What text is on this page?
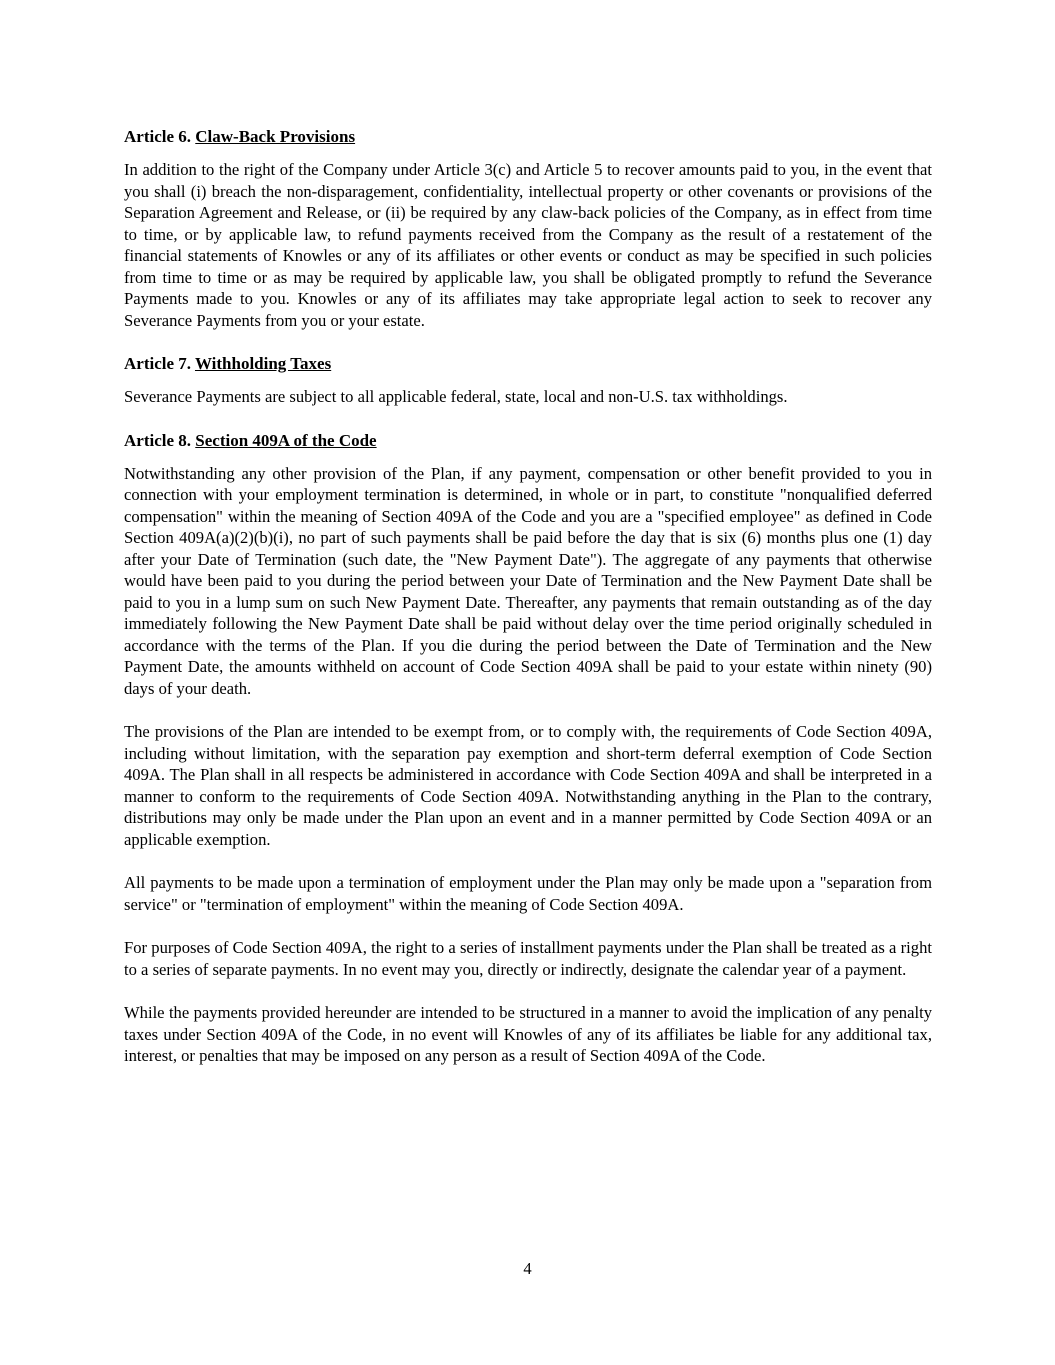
Article 6. Claw-Back Provisions

In addition to the right of the Company under Article 3(c) and Article 5 to recover amounts paid to you, in the event that you shall (i) breach the non-disparagement, confidentiality, intellectual property or other covenants or provisions of the Separation Agreement and Release, or (ii) be required by any claw-back policies of the Company, as in effect from time to time, or by applicable law, to refund payments received from the Company as the result of a restatement of the financial statements of Knowles or any of its affiliates or other events or conduct as may be specified in such policies from time to time or as may be required by applicable law, you shall be obligated promptly to refund the Severance Payments made to you. Knowles or any of its affiliates may take appropriate legal action to seek to recover any Severance Payments from you or your estate.

Article 7. Withholding Taxes

Severance Payments are subject to all applicable federal, state, local and non-U.S. tax withholdings.

Article 8. Section 409A of the Code

Notwithstanding any other provision of the Plan, if any payment, compensation or other benefit provided to you in connection with your employment termination is determined, in whole or in part, to constitute "nonqualified deferred compensation" within the meaning of Section 409A of the Code and you are a "specified employee" as defined in Code Section 409A(a)(2)(b)(i), no part of such payments shall be paid before the day that is six (6) months plus one (1) day after your Date of Termination (such date, the "New Payment Date"). The aggregate of any payments that otherwise would have been paid to you during the period between your Date of Termination and the New Payment Date shall be paid to you in a lump sum on such New Payment Date. Thereafter, any payments that remain outstanding as of the day immediately following the New Payment Date shall be paid without delay over the time period originally scheduled in accordance with the terms of the Plan. If you die during the period between the Date of Termination and the New Payment Date, the amounts withheld on account of Code Section 409A shall be paid to your estate within ninety (90) days of your death.

The provisions of the Plan are intended to be exempt from, or to comply with, the requirements of Code Section 409A, including without limitation, with the separation pay exemption and short-term deferral exemption of Code Section 409A. The Plan shall in all respects be administered in accordance with Code Section 409A and shall be interpreted in a manner to conform to the requirements of Code Section 409A. Notwithstanding anything in the Plan to the contrary, distributions may only be made under the Plan upon an event and in a manner permitted by Code Section 409A or an applicable exemption.

All payments to be made upon a termination of employment under the Plan may only be made upon a "separation from service" or "termination of employment" within the meaning of Code Section 409A.

For purposes of Code Section 409A, the right to a series of installment payments under the Plan shall be treated as a right to a series of separate payments. In no event may you, directly or indirectly, designate the calendar year of a payment.

While the payments provided hereunder are intended to be structured in a manner to avoid the implication of any penalty taxes under Section 409A of the Code, in no event will Knowles of any of its affiliates be liable for any additional tax, interest, or penalties that may be imposed on any person as a result of Section 409A of the Code.

4
